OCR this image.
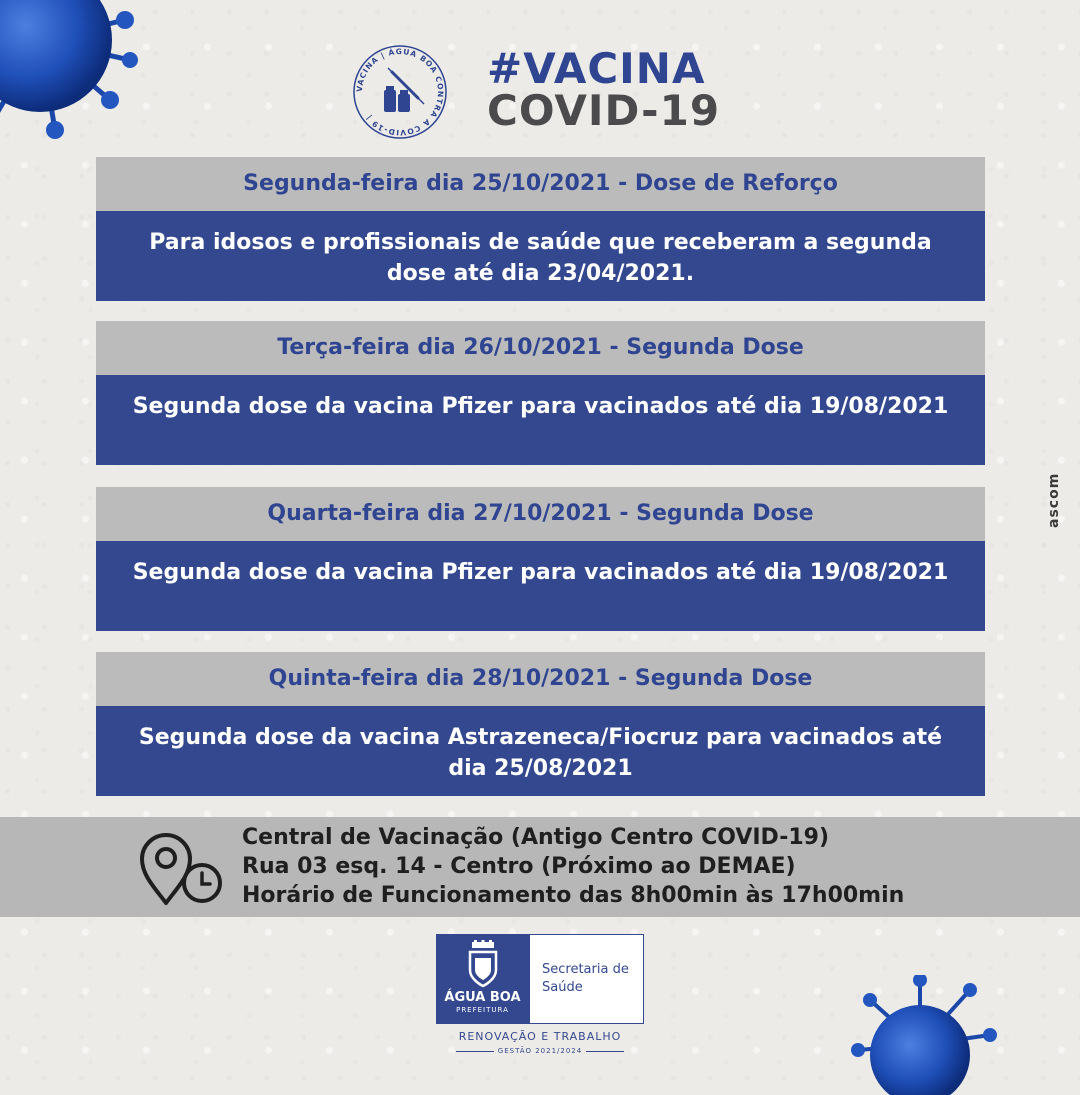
VACINA | ÁGUA BOA CONTRA A COVID-19 |
#VACINA
COVID-19
Segunda-feira dia 25/10/2021 - Dose de Reforço
Para idosos e profissionais de saúde que receberam a segunda dose até dia 23/04/2021.
Terça-feira dia 26/10/2021 - Segunda Dose
Segunda dose da vacina Pfizer para vacinados até dia 19/08/2021
Quarta-feira dia 27/10/2021 - Segunda Dose
Segunda dose da vacina Pfizer para vacinados até dia 19/08/2021
Quinta-feira dia 28/10/2021 - Segunda Dose
Segunda dose da vacina Astrazeneca/Fiocruz para vacinados até dia 25/08/2021
Central de Vacinação (Antigo Centro COVID-19)
Rua 03 esq. 14 - Centro (Próximo ao DEMAE)
Horário de Funcionamento das 8h00min às 17h00min
ascom
ÁGUA BOA
PREFEITURA
Secretaria de
Saúde
RENOVAÇÃO E TRABALHO
GESTÃO 2021/2024
